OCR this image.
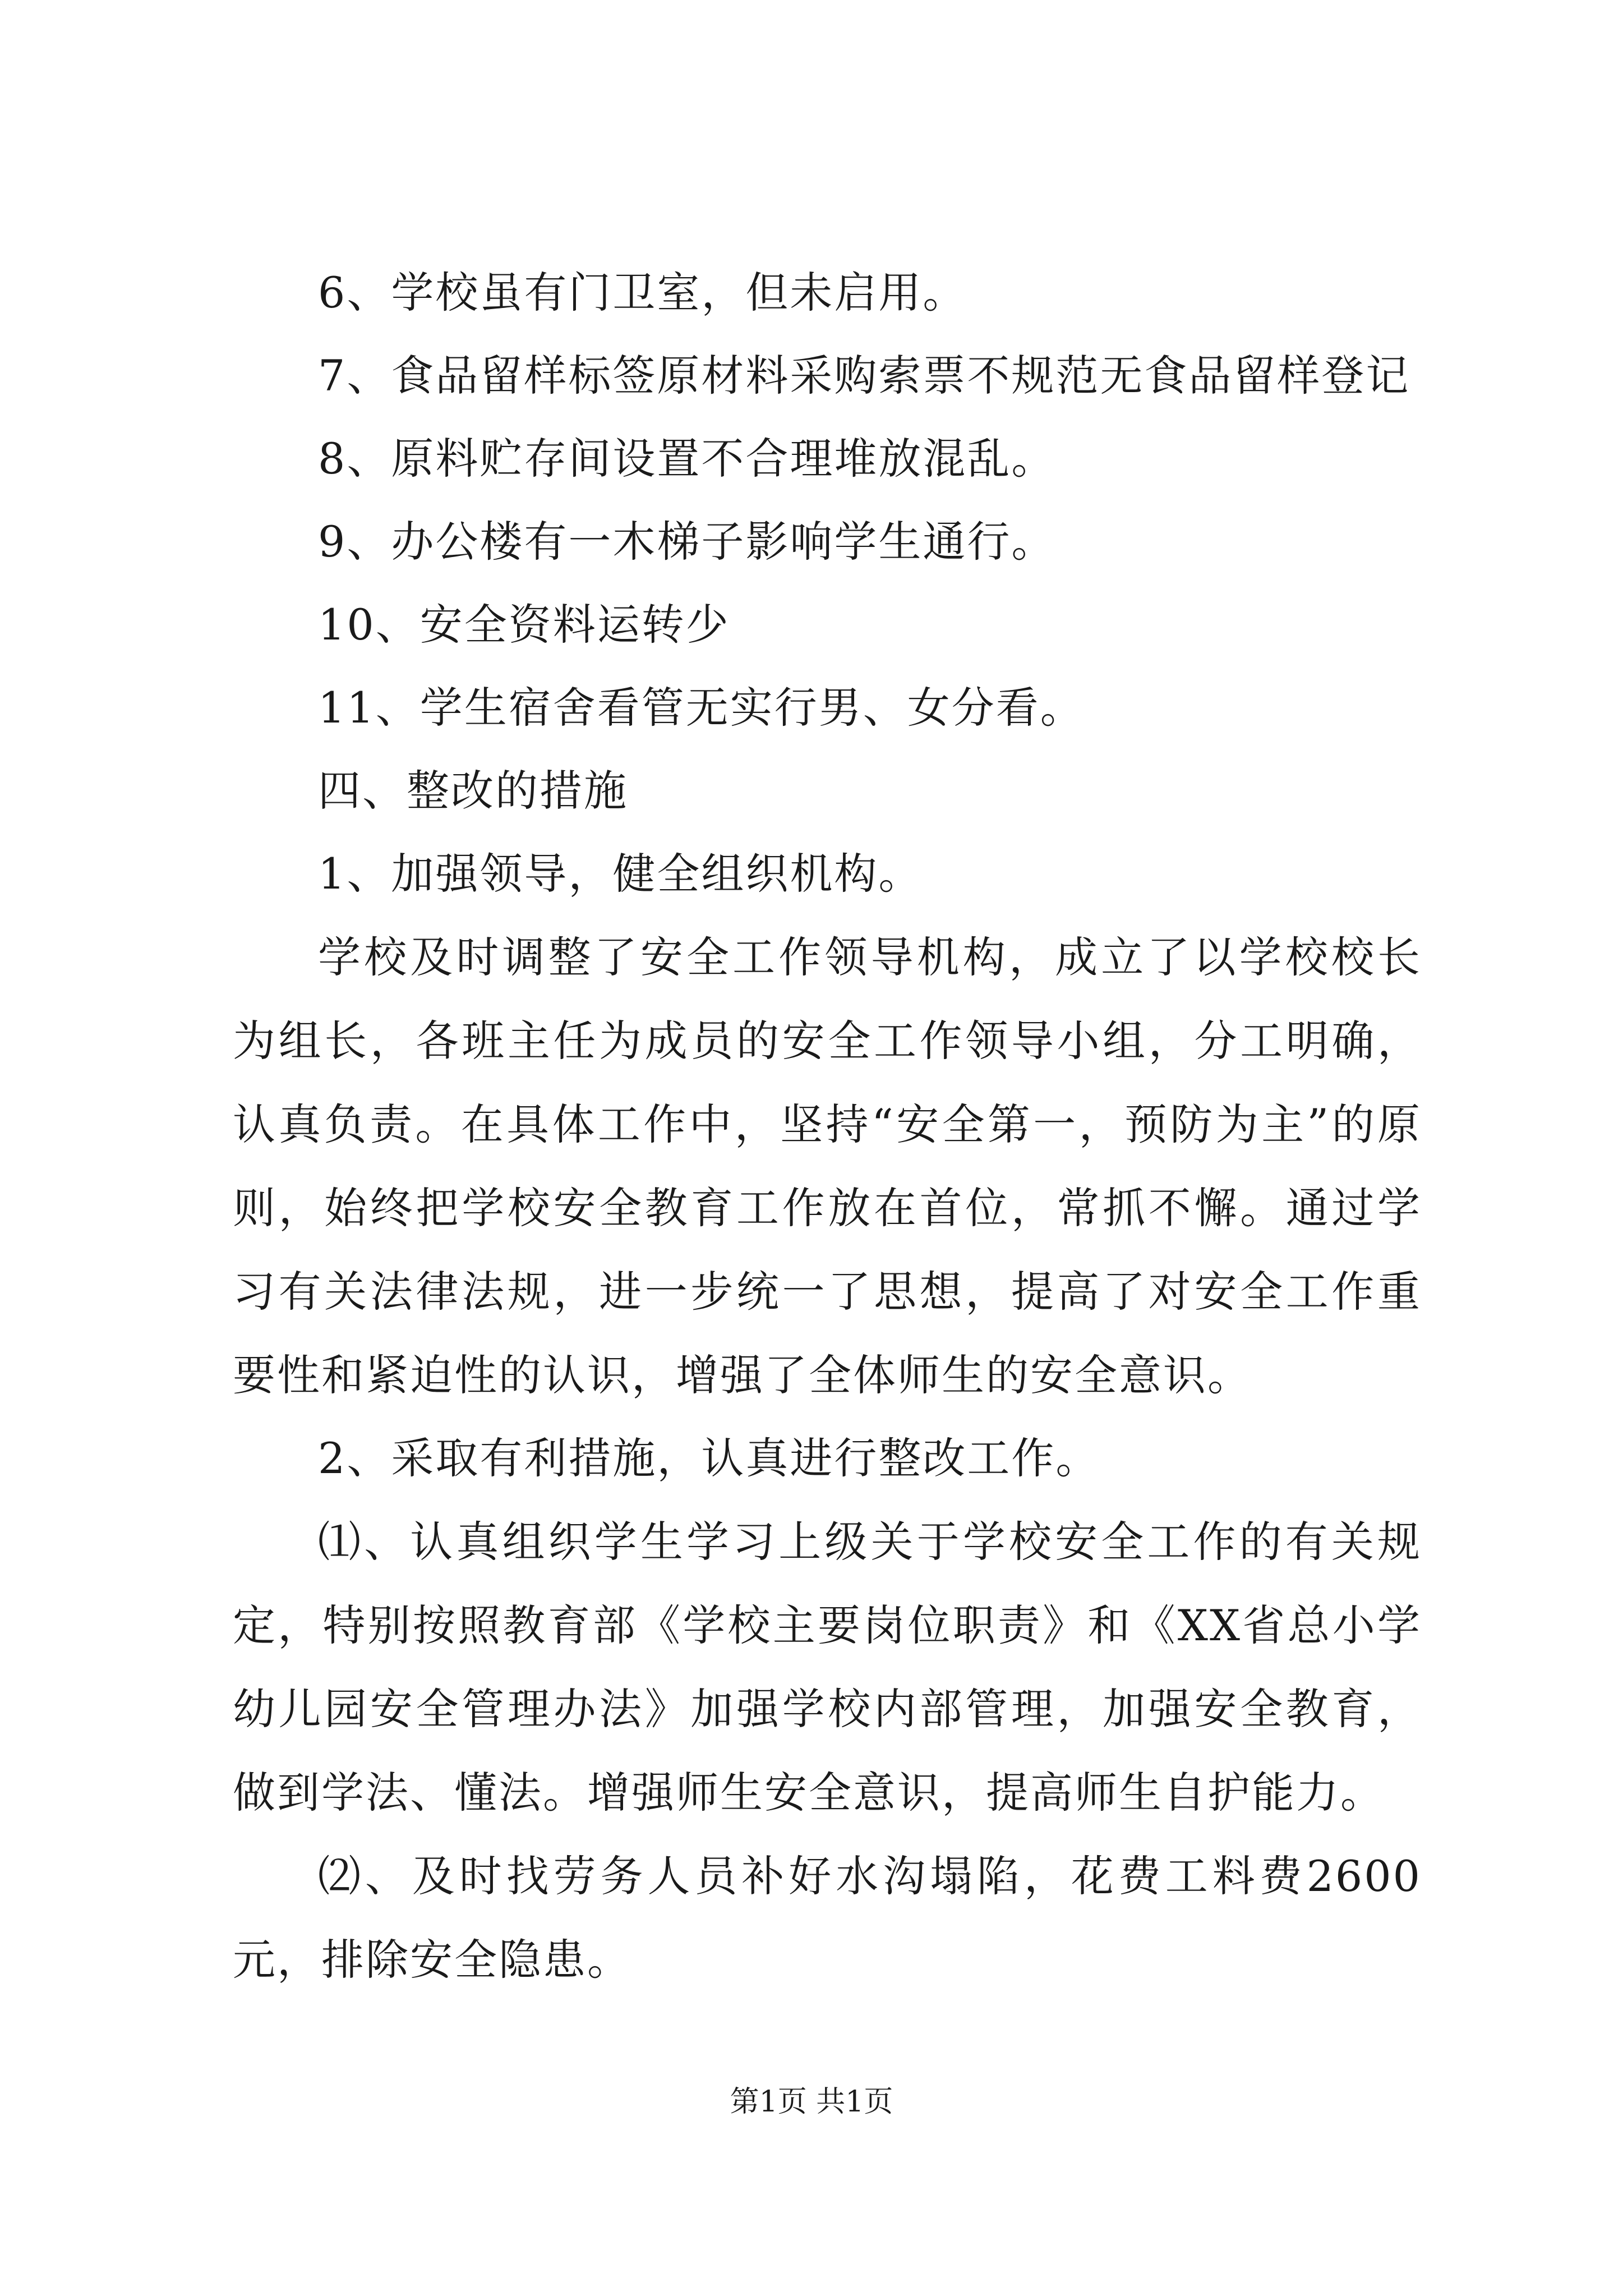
6、学校虽有门卫室，但未启用。
7、食品留样标签原材料采购索票不规范无食品留样登记
8、原料贮存间设置不合理堆放混乱。
9、办公楼有一木梯子影响学生通行。
10、安全资料运转少
11、学生宿舍看管无实行男、女分看。
四、整改的措施
1、加强领导，健全组织机构。

学校及时调整了安全工作领导机构，成立了以学校校长为组长，各班主任为成员的安全工作领导小组，分工明确，认真负责。在具体工作中，坚持“安全第一，预防为主”的原则，始终把学校安全教育工作放在首位，常抓不懈。通过学习有关法律法规，进一步统一了思想，提高了对安全工作重要性和紧迫性的认识，增强了全体师生的安全意识。

2、采取有利措施，认真进行整改工作。

⑴、认真组织学生学习上级关于学校安全工作的有关规定，特别按照教育部《学校主要岗位职责》和《XX省总小学幼儿园安全管理办法》加强学校内部管理，加强安全教育，做到学法、懂法。增强师生安全意识，提高师生自护能力。

⑵、及时找劳务人员补好水沟塌陷，花费工料费2600元，排除安全隐患。

第1页 共1页
